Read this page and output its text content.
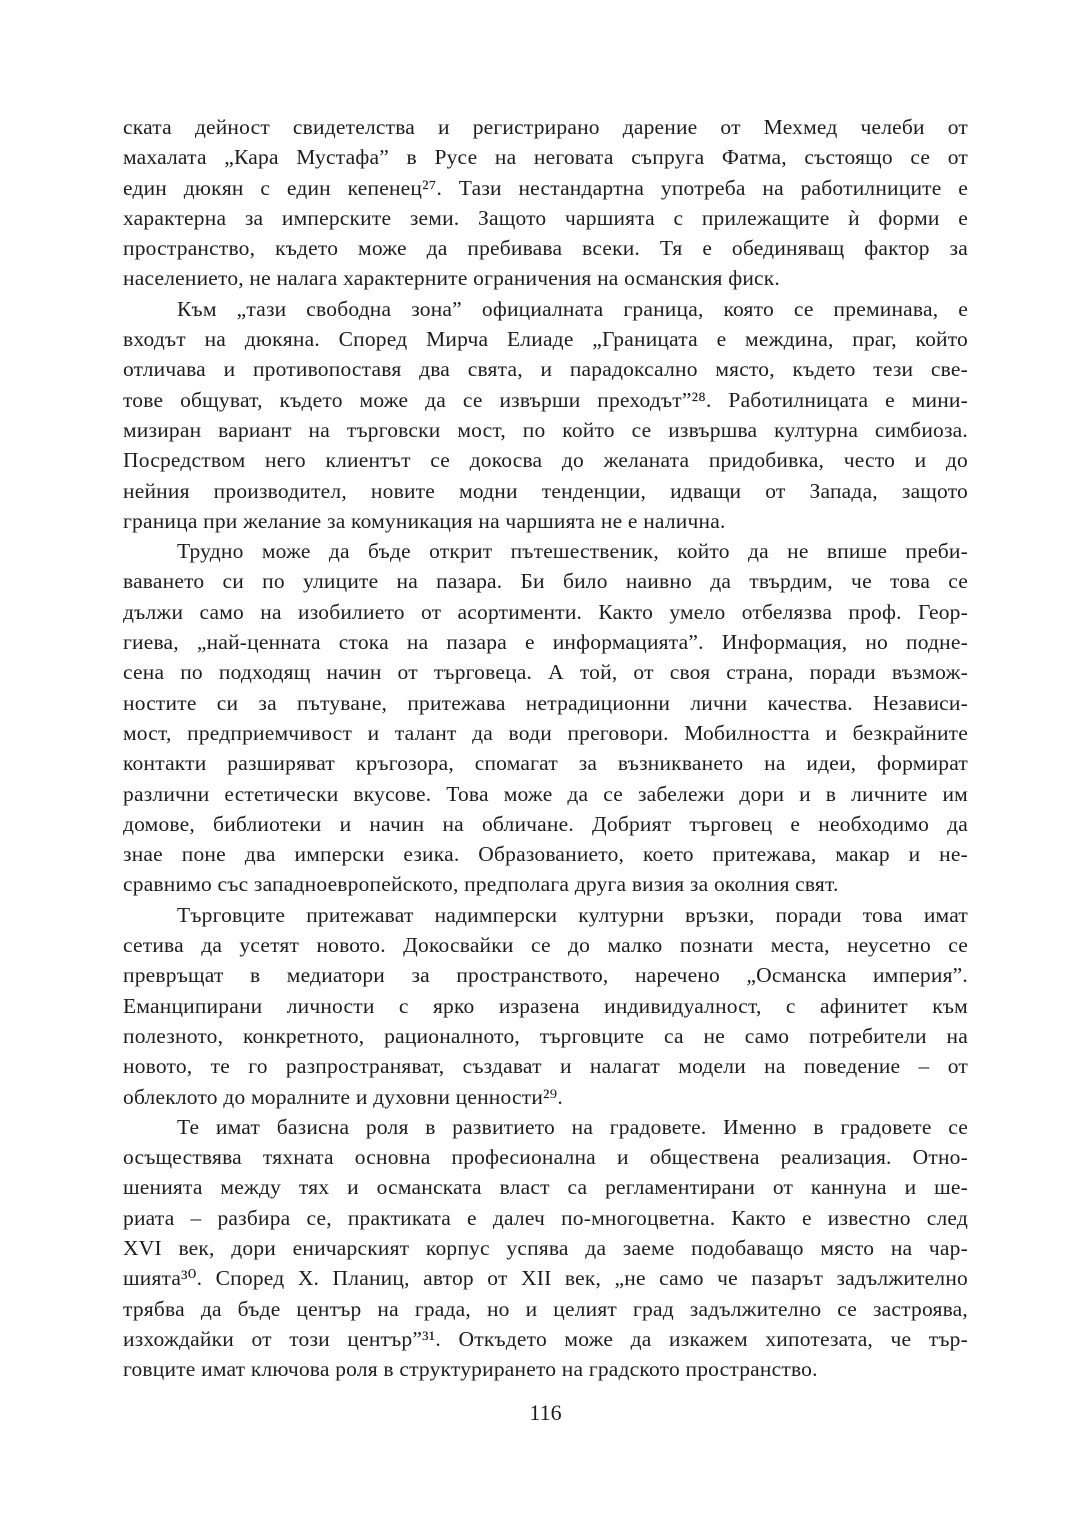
ската дейност свидетелства и регистрирано дарение от Мехмед челеби от
махалата „Кара Мустафа” в Русе на неговата съпруга Фатма, състоящо се от
един дюкян с един кепенец²⁷. Тази нестандартна употреба на работилниците е
характерна за имперските земи. Защото чаршията с прилежащите ѝ форми е
пространство, където може да пребивава всеки. Тя е обединяващ фактор за
населението, не налага характерните ограничения на османския фиск.
Към „тази свободна зона” официалната граница, която се преминава, е
входът на дюкяна. Според Мирча Елиаде „Границата е междина, праг, който
отличава и противопоставя два свята, и парадоксално място, където тези све-
тове общуват, където може да се извърши преходът”²⁸. Работилницата е мини-
мизиран вариант на търговски мост, по който се извършва културна симбиоза.
Посредством него клиентът се докосва до желаната придобивка, често и до
нейния производител, новите модни тенденции, идващи от Запада, защото
граница при желание за комуникация на чаршията не е налична.
Трудно може да бъде открит пътешественик, който да не впише преби-
ваването си по улиците на пазара. Би било наивно да твърдим, че това се
дължи само на изобилието от асортименти. Както умело отбелязва проф. Геор-
гиева, „най-ценната стока на пазара е информацията”. Информация, но подне-
сена по подходящ начин от търговеца. А той, от своя страна, поради възмож-
ностите си за пътуване, притежава нетрадиционни лични качества. Независи-
мост, предприемчивост и талант да води преговори. Мобилността и безкрайните
контакти разширяват кръгозора, спомагат за възникването на идеи, формират
различни естетически вкусове. Това може да се забележи дори и в личните им
домове, библиотеки и начин на обличане. Добрият търговец е необходимо да
знае поне два имперски езика. Образованието, което притежава, макар и не-
сравнимо със западноевропейското, предполага друга визия за околния свят.
Търговците притежават надимперски културни връзки, поради това имат
сетива да усетят новото. Докосвайки се до малко познати места, неусетно се
превръщат в медиатори за пространството, наречено „Османска империя”.
Еманципирани личности с ярко изразена индивидуалност, с афинитет към
полезното, конкретното, рационалното, търговците са не само потребители на
новото, те го разпространяват, създават и налагат модели на поведение – от
облеклото до моралните и духовни ценности²⁹.
Те имат базисна роля в развитието на градовете. Именно в градовете се
осъществява тяхната основна професионална и обществена реализация. Отно-
шенията между тях и османската власт са регламентирани от каннуна и ше-
риата – разбира се, практиката е далеч по-многоцветна. Както е известно след
XVI век, дори еничарският корпус успява да заеме подобаващо място на чар-
шията³⁰. Според Х. Планиц, автор от XII век, „не само че пазарът задължително
трябва да бъде център на града, но и целият град задължително се застроява,
изхождайки от този център”³¹. Откъдето може да изкажем хипотезата, че тър-
говците имат ключова роля в структурирането на градското пространство.
116
